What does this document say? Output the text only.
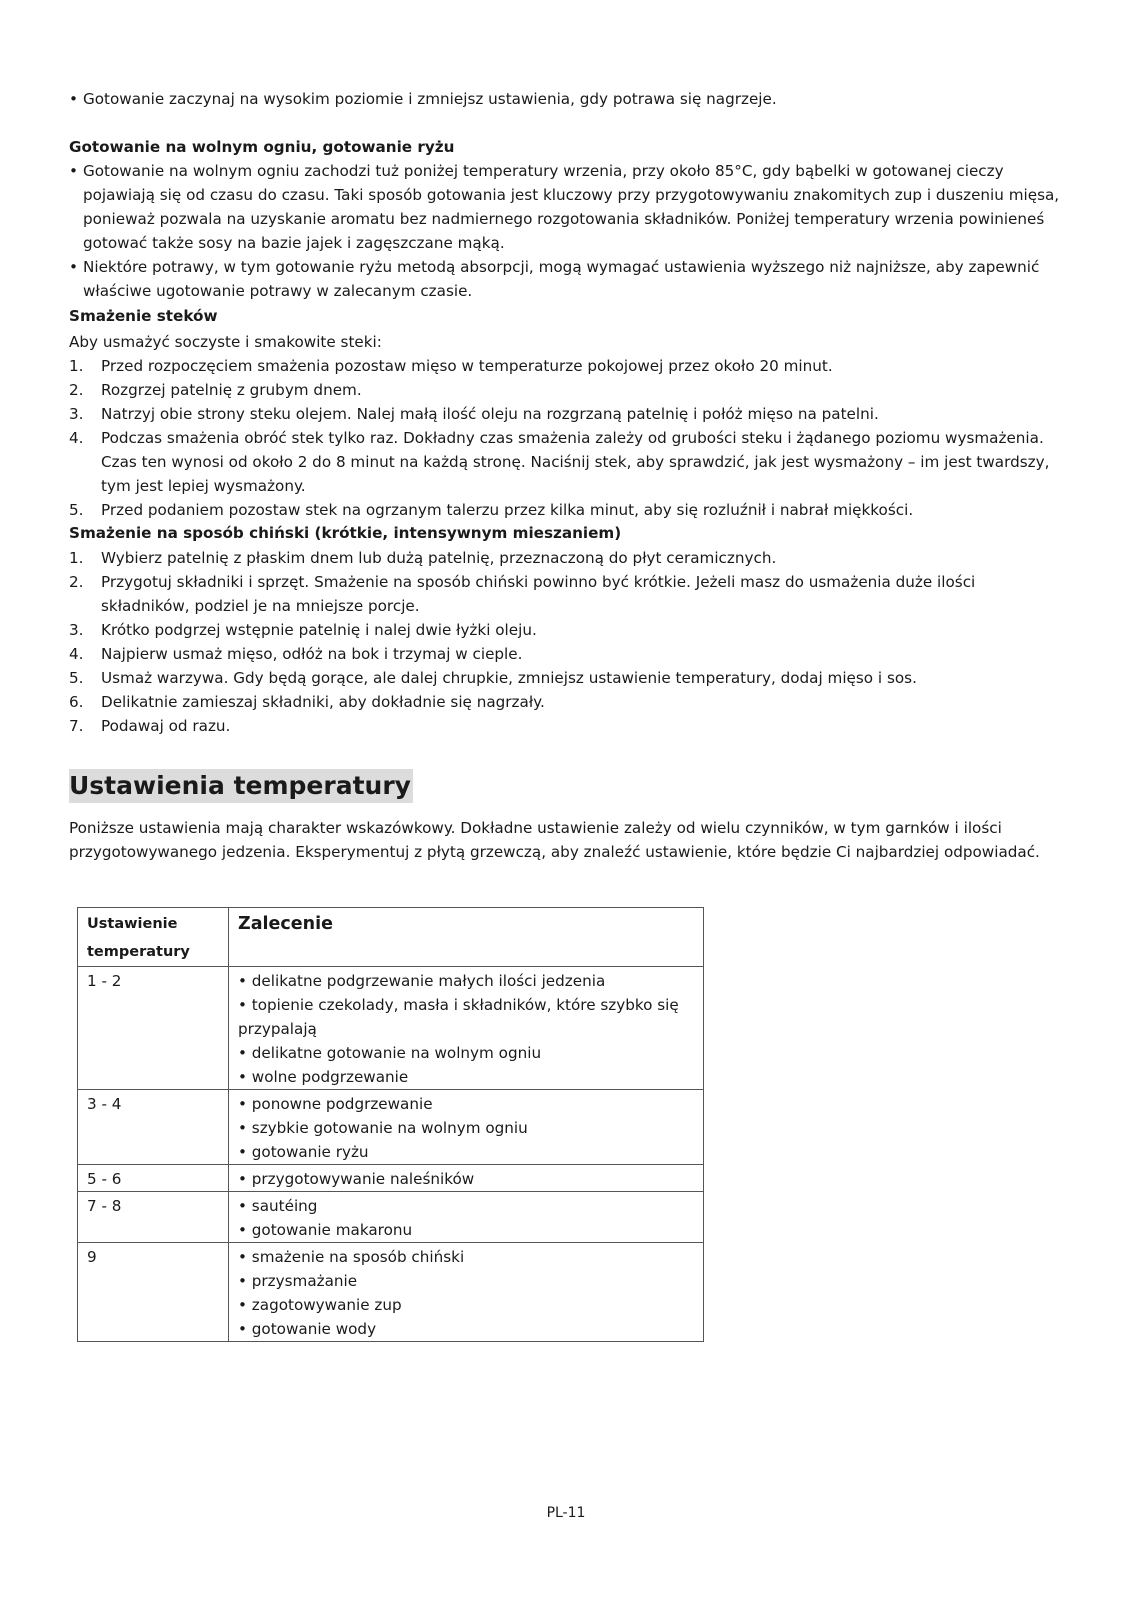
• Gotowanie zaczynaj na wysokim poziomie i zmniejsz ustawienia, gdy potrawa się nagrzeje.
Gotowanie na wolnym ogniu, gotowanie ryżu
• Gotowanie na wolnym ogniu zachodzi tuż poniżej temperatury wrzenia, przy około 85°C, gdy bąbelki w gotowanej cieczy pojawiają się od czasu do czasu. Taki sposób gotowania jest kluczowy przy przygotowywaniu znakomitych zup i duszeniu mięsa, ponieważ pozwala na uzyskanie aromatu bez nadmiernego rozgotowania składników. Poniżej temperatury wrzenia powinieneś gotować także sosy na bazie jajek i zagęszczane mąką.
• Niektóre potrawy, w tym gotowanie ryżu metodą absorpcji, mogą wymagać ustawienia wyższego niż najniższe, aby zapewnić właściwe ugotowanie potrawy w zalecanym czasie.
Smażenie steków
Aby usmażyć soczyste i smakowite steki:
1. Przed rozpoczęciem smażenia pozostaw mięso w temperaturze pokojowej przez około 20 minut.
2. Rozgrzej patelnię z grubym dnem.
3. Natrzyj obie strony steku olejem. Nalej małą ilość oleju na rozgrzaną patelnię i połóż mięso na patelni.
4. Podczas smażenia obróć stek tylko raz. Dokładny czas smażenia zależy od grubości steku i żądanego poziomu wysmażenia. Czas ten wynosi od około 2 do 8 minut na każdą stronę. Naciśnij stek, aby sprawdzić, jak jest wysmażony – im jest twardszy, tym jest lepiej wysmażony.
5. Przed podaniem pozostaw stek na ogrzanym talerzu przez kilka minut, aby się rozluźnił i nabrał miękkości.
Smażenie na sposób chiński (krótkie, intensywnym mieszaniem)
1. Wybierz patelnię z płaskim dnem lub dużą patelnię, przeznaczoną do płyt ceramicznych.
2. Przygotuj składniki i sprzęt. Smażenie na sposób chiński powinno być krótkie. Jeżeli masz do usmażenia duże ilości składników, podziel je na mniejsze porcje.
3. Krótko podgrzej wstępnie patelnię i nalej dwie łyżki oleju.
4. Najpierw usmaż mięso, odłóż na bok i trzymaj w cieple.
5. Usmaż warzywa. Gdy będą gorące, ale dalej chrupkie, zmniejsz ustawienie temperatury, dodaj mięso i sos.
6. Delikatnie zamieszaj składniki, aby dokładnie się nagrzały.
7. Podawaj od razu.
Ustawienia temperatury
Poniższe ustawienia mają charakter wskazówkowy. Dokładne ustawienie zależy od wielu czynników, w tym garnków i ilości przygotowywanego jedzenia. Eksperymentuj z płytą grzewczą, aby znaleźć ustawienie, które będzie Ci najbardziej odpowiadać.
Ustawienie temperatury	Zalecenie
1 - 2	• delikatne podgrzewanie małych ilości jedzenia
• topienie czekolady, masła i składników, które szybko się przypalają
• delikatne gotowanie na wolnym ogniu
• wolne podgrzewanie

3 - 4	• ponowne podgrzewanie
• szybkie gotowanie na wolnym ogniu
• gotowanie ryżu

5 - 6	• przygotowywanie naleśników

7 - 8	• sautéing
• gotowanie makaronu

9	• smażenie na sposób chiński
• przysmażanie
• zagotowywanie zup
• gotowanie wody
PL-11
